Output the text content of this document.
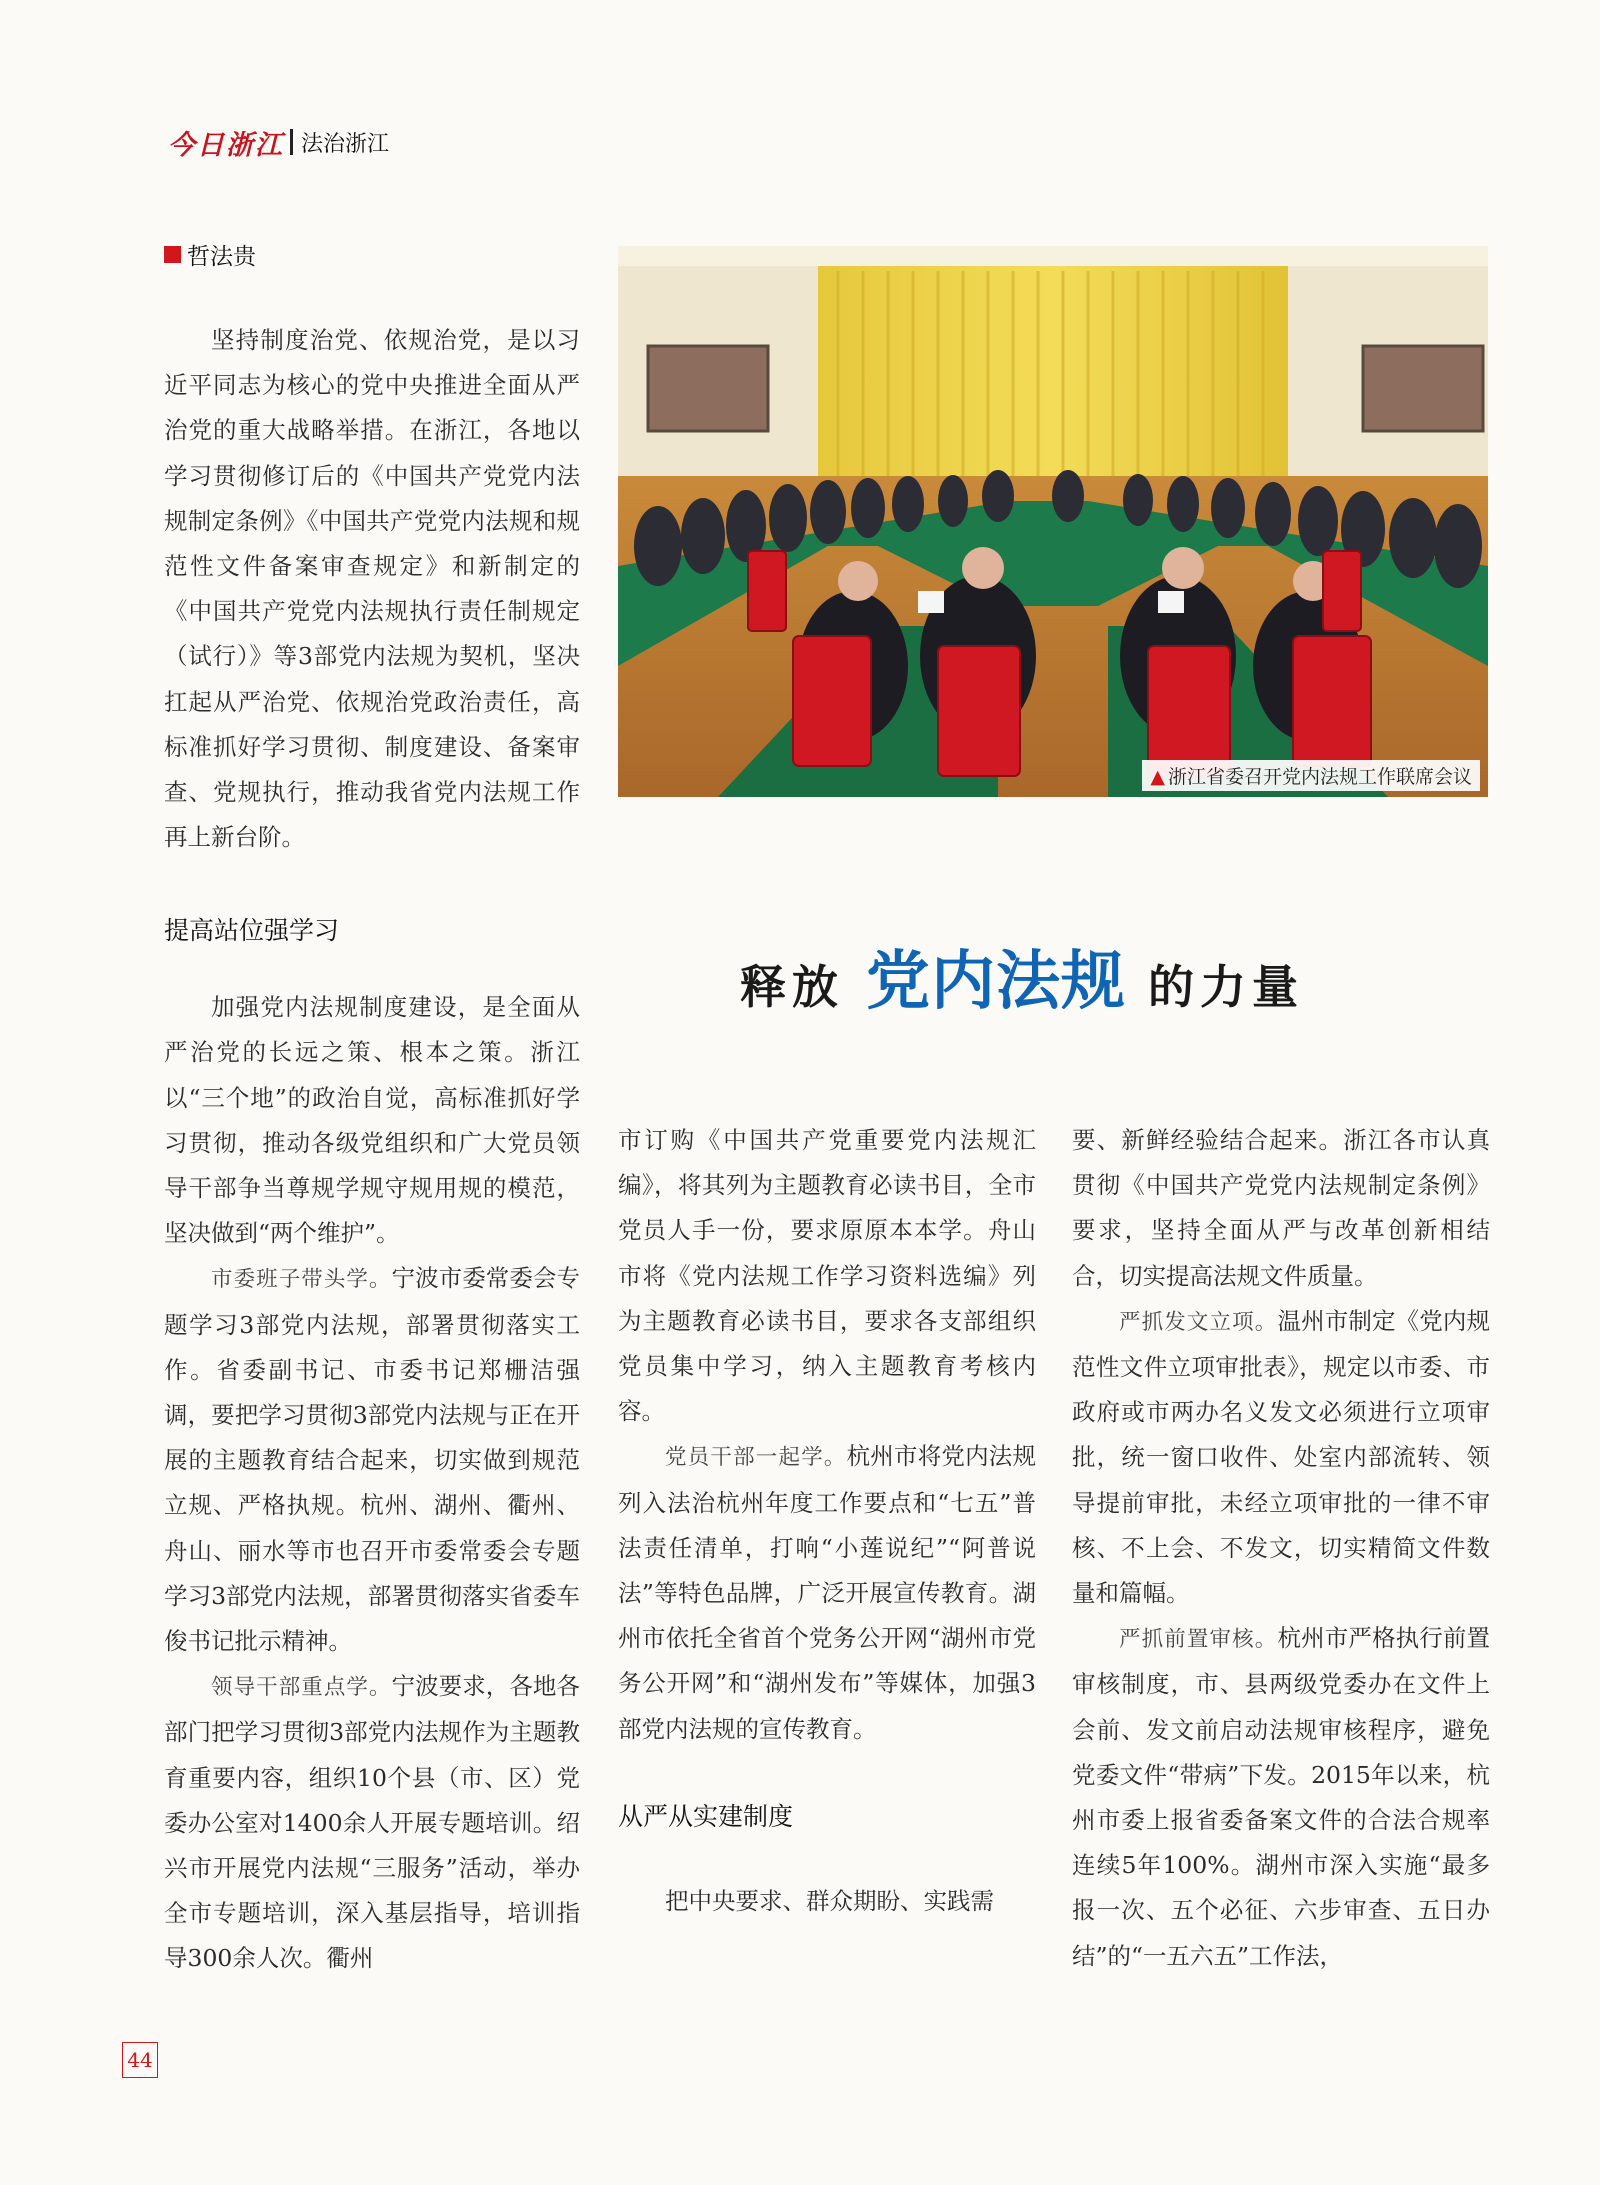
今日浙江 法治浙江
哲法贵

坚持制度治党、依规治党，是以习近平同志为核心的党中央推进全面从严治党的重大战略举措。在浙江，各地以学习贯彻修订后的《中国共产党党内法规制定条例》《中国共产党党内法规和规范性文件备案审查规定》和新制定的《中国共产党党内法规执行责任制规定（试行）》等3部党内法规为契机，坚决扛起从严治党、依规治党政治责任，高标准抓好学习贯彻、制度建设、备案审查、党规执行，推动我省党内法规工作再上新台阶。

提高站位强学习

加强党内法规制度建设，是全面从严治党的长远之策、根本之策。浙江以“三个地”的政治自觉，高标准抓好学习贯彻，推动各级党组织和广大党员领导干部争当尊规学规守规用规的模范，坚决做到“两个维护”。

市委班子带头学。宁波市委常委会专题学习3部党内法规，部署贯彻落实工作。省委副书记、市委书记郑栅洁强调，要把学习贯彻3部党内法规与正在开展的主题教育结合起来，切实做到规范立规、严格执规。杭州、湖州、衢州、舟山、丽水等市也召开市委常委会专题学习3部党内法规，部署贯彻落实省委车俊书记批示精神。

领导干部重点学。宁波要求，各地各部门把学习贯彻3部党内法规作为主题教育重要内容，组织10个县（市、区）党委办公室对1400余人开展专题培训。绍兴市开展党内法规“三服务”活动，举办全市专题培训，深入基层指导，培训指导300余人次。衢州

▲ 浙江省委召开党内法规工作联席会议
释放 党内法规 的力量

市订购《中国共产党重要党内法规汇编》，将其列为主题教育必读书目，全市党员人手一份，要求原原本本学。舟山市将《党内法规工作学习资料选编》列为主题教育必读书目，要求各支部组织党员集中学习，纳入主题教育考核内容。

党员干部一起学。杭州市将党内法规列入法治杭州年度工作要点和“七五”普法责任清单，打响“小莲说纪”“阿普说法”等特色品牌，广泛开展宣传教育。湖州市依托全省首个党务公开网“湖州市党务公开网”和“湖州发布”等媒体，加强3部党内法规的宣传教育。

从严从实建制度

把中央要求、群众期盼、实践需

要、新鲜经验结合起来。浙江各市认真贯彻《中国共产党党内法规制定条例》要求，坚持全面从严与改革创新相结合，切实提高法规文件质量。

严抓发文立项。温州市制定《党内规范性文件立项审批表》，规定以市委、市政府或市两办名义发文必须进行立项审批，统一窗口收件、处室内部流转、领导提前审批，未经立项审批的一律不审核、不上会、不发文，切实精简文件数量和篇幅。

严抓前置审核。杭州市严格执行前置审核制度，市、县两级党委办在文件上会前、发文前启动法规审核程序，避免党委文件“带病”下发。2015年以来，杭州市委上报省委备案文件的合法合规率连续5年100%。湖州市深入实施“最多报一次、五个必征、六步审查、五日办结”的“一五六五”工作法，

44
